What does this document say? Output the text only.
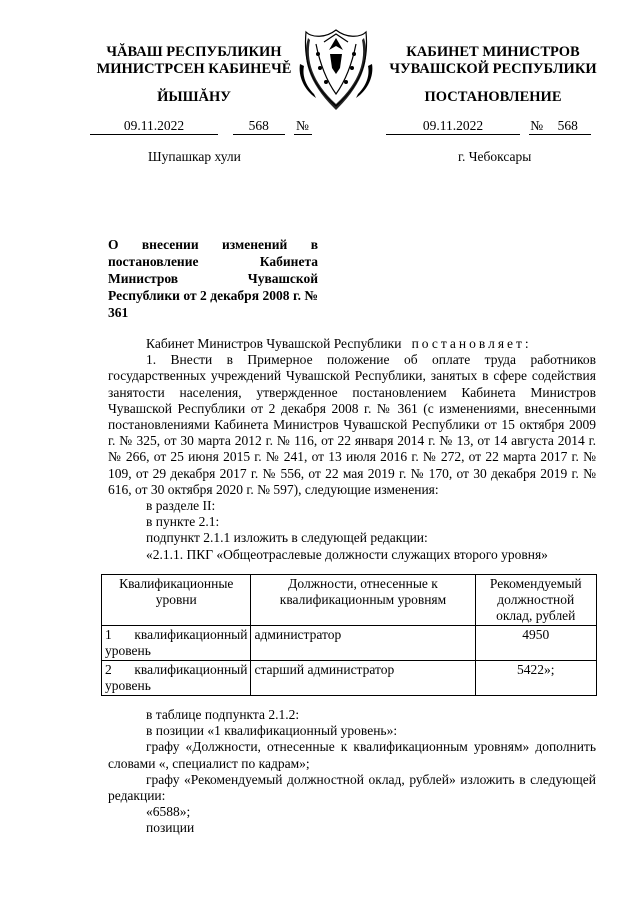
ЧĂВАШ РЕСПУБЛИКИН
МИНИСТРСЕН КАБИНЕЧĚ
ЙЫШĂНУ
КАБИНЕТ МИНИСТРОВ
ЧУВАШСКОЙ РЕСПУБЛИКИ
ПОСТАНОВЛЕНИЕ
09.11.2022	568 №	09.11.2022	№ 568
Шупашкар хули	г. Чебоксары
О внесении изменений в постановление Кабинета Министров Чувашской Республики от 2 декабря 2008 г. № 361

Кабинет Министров Чувашской Республики постановляет:

1. Внести в Примерное положение об оплате труда работников государственных учреждений Чувашской Республики, занятых в сфере содействия занятости населения, утвержденное постановлением Кабинета Министров Чувашской Республики от 2 декабря 2008 г. № 361 (с изменениями, внесенными постановлениями Кабинета Министров Чувашской Республики от 15 октября 2009 г. № 325, от 30 марта 2012 г. № 116, от 22 января 2014 г. № 13, от 14 августа 2014 г. № 266, от 25 июня 2015 г. № 241, от 13 июля 2016 г. № 272, от 22 марта 2017 г. № 109, от 29 декабря 2017 г. № 556, от 22 мая 2019 г. № 170, от 30 декабря 2019 г. № 616, от 30 октября 2020 г. № 597), следующие изменения:

в разделе II:

в пункте 2.1:

подпункт 2.1.1 изложить в следующей редакции:

«2.1.1. ПКГ «Общеотраслевые должности служащих второго уровня»

Квалификационные уровни	Должности, отнесенные к квалификационным уровням	Рекомендуемый должностной оклад, рублей

1 квалификационный
уровень	администратор	4950

2 квалификационный
уровень	старший администратор	5422»;

в таблице подпункта 2.1.2:

в позиции «1 квалификационный уровень»:

графу «Должности, отнесенные к квалификационным уровням» дополнить словами «, специалист по кадрам»;

графу «Рекомендуемый должностной оклад, рублей» изложить в следующей редакции:

«6588»;

позиции
